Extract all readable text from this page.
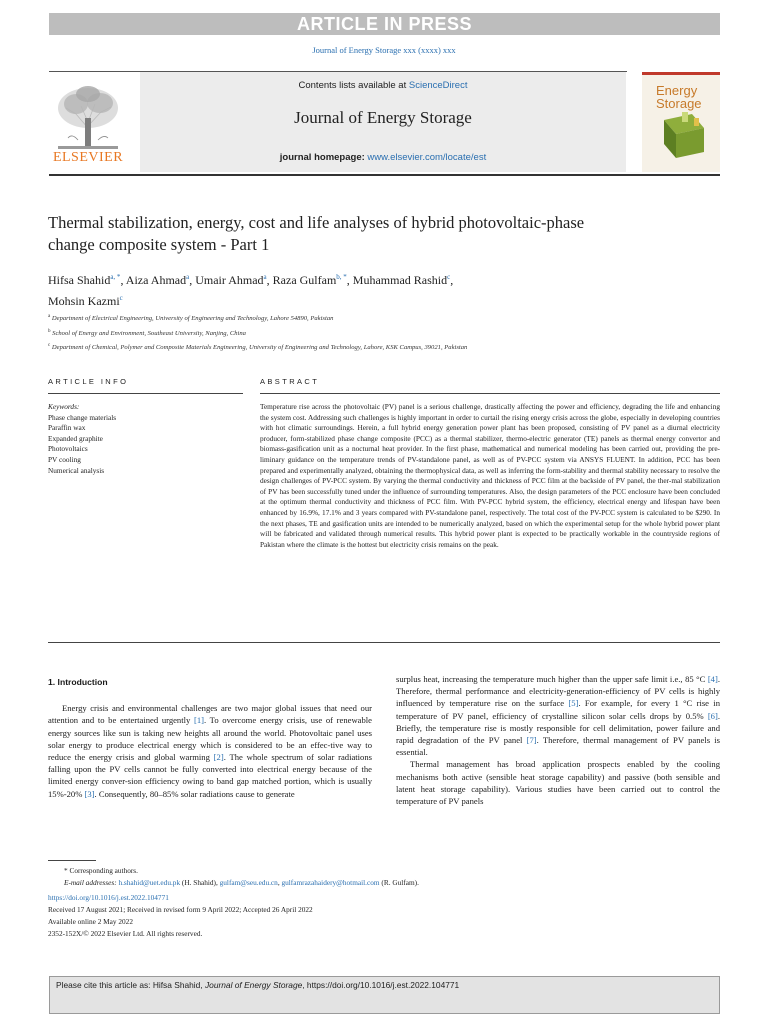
ARTICLE IN PRESS
Journal of Energy Storage xxx (xxxx) xxx
ELSEVIER
Contents lists available at ScienceDirect
Journal of Energy Storage
journal homepage: www.elsevier.com/locate/est
Energy
Storage
Thermal stabilization, energy, cost and life analyses of hybrid photovoltaic-phase change composite system - Part 1
Hifsa Shahid$^{a, *}$, Aiza Ahmad$^a$, Umair Ahmad$^a$, Raza Gulfam$^{b, *}$, Muhammad Rashid$^c$,
Mohsin Kazmi$^c$
$^a$ Department of Electrical Engineering, University of Engineering and Technology, Lahore 54890, Pakistan
$^b$ School of Energy and Environment, Southeast University, Nanjing, China
$^c$ Department of Chemical, Polymer and Composite Materials Engineering, University of Engineering and Technology, Lahore, KSK Campus, 39021, Pakistan
ARTICLE INFO	ABSTRACT
Keywords:
Phase change materials
Paraffin wax
Expanded graphite
Photovoltaics
PV cooling
Numerical analysis
Temperature rise across the photovoltaic (PV) panel is a serious challenge, drastically affecting the power and efficiency, degrading the life and enhancing the system cost. Addressing such challenges is highly important in order to curtail the rising energy crisis across the globe, especially in developing countries with hot climatic surroundings. Herein, a full hybrid energy generation power plant has been proposed, consisting of PV panel as a diurnal electricity producer, form-stabilized phase change composite (PCC) as a thermal stabilizer, thermo-electric generator (TE) panels as thermal energy convertor and biomass-gasification unit as a nocturnal heat provider. In the first phase, mathematical and numerical modeling has been carried out, providing the pre-liminary guidance on the temperature trends of PV-standalone panel, as well as of PV-PCC system via ANSYS FLUENT. In addition, PCC has been prepared and experimentally analyzed, obtaining the thermophysical data, as well as inferring the form-stability and thermal stability necessary to resolve the design challenges of PV-PCC system. By varying the thermal conductivity and thickness of PCC film at the backside of PV panel, the ther-mal stabilization of PV has been successfully tuned under the influence of surrounding temperatures. Also, the design parameters of the PCC enclosure have been concluded at the optimum thermal conductivity and thickness of PCC film. With PV-PCC hybrid system, the efficiency, electrical energy and lifespan have been enhanced by 16.9%, 17.1% and 3 years compared with PV-standalone panel, respectively. The total cost of the PV-PCC system is calculated to be $290. In the next phases, TE and gasification units are intended to be numerically analyzed, based on which the experimental setup for the whole hybrid power plant will be fabricated and validated through numerical results. This hybrid power plant is expected to be practically workable in the countryside regions of Pakistan where the climate is the hottest but electricity crisis remains on the peak.
1. Introduction
Energy crisis and environmental challenges are two major global issues that need our attention and to be entertained urgently [1]. To overcome energy crisis, use of renewable energy sources like sun is taking new heights all around the world. Photovoltaic panel uses solar energy to produce electrical energy which is considered to be an effec-tive way to reduce the energy crisis and global warming [2]. The whole spectrum of solar radiations falling upon the PV cells cannot be fully converted into electrical energy because of the limited energy conver-sion efficiency owing to band gap matched portion, which is usually 15%-20% [3]. Consequently, 80–85% solar radiations cause to generate
surplus heat, increasing the temperature much higher than the upper safe limit i.e., 85 °C [4]. Therefore, thermal performance and electricity-generation-efficiency of PV cells is highly influenced by temperature rise on the surface [5]. For example, for every 1 °C rise in temperature of PV panel, efficiency of crystalline silicon solar cells drops by 0.5% [6]. Briefly, the temperature rise is mostly responsible for cell delimitation, power failure and rapid degradation of the PV panel [7]. Therefore, thermal management of PV panels is essential.
Thermal management has broad application prospects enabled by the cooling mechanisms both active (sensible heat storage capability) and passive (both sensible and latent heat storage capability). Various studies have been carried out to control the temperature of PV panels
* Corresponding authors.
E-mail addresses: h.shahid@uet.edu.pk (H. Shahid), gulfam@seu.edu.cn, gulfamrazahaidery@hotmail.com (R. Gulfam).
https://doi.org/10.1016/j.est.2022.104771
Received 17 August 2021; Received in revised form 9 April 2022; Accepted 26 April 2022
Available online 2 May 2022
2352-152X/© 2022 Elsevier Ltd. All rights reserved.
Please cite this article as: Hifsa Shahid, Journal of Energy Storage, https://doi.org/10.1016/j.est.2022.104771
